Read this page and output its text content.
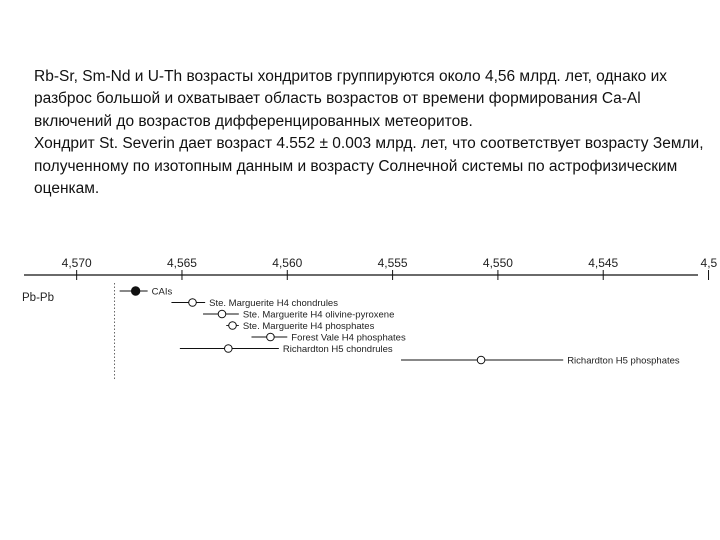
Rb-Sr, Sm-Nd и U-Th возрасты хондритов группируются около 4,56 млрд. лет, однако их разброс большой и охватывает область возрастов от времени формирования Ca-Al включений до возрастов дифференцированных метеоритов.

Хондрит St. Severin дает возраст 4.552 ± 0.003 млрд. лет, что соответствует возрасту Земли, полученному по изотопным данным и возрасту Солнечной системы по астрофизическим оценкам.

4,570	4,565	4,560	4,555	4,550	4,545	4,5
Pb-Pb	CAIs
Ste. Marguerite H4 chondrules
Ste. Marguerite H4 olivine-pyroxene
Ste. Marguerite H4 phosphates
Forest Vale H4 phosphates
Richardton H5 chondrules
Richardton H5 phosphates
